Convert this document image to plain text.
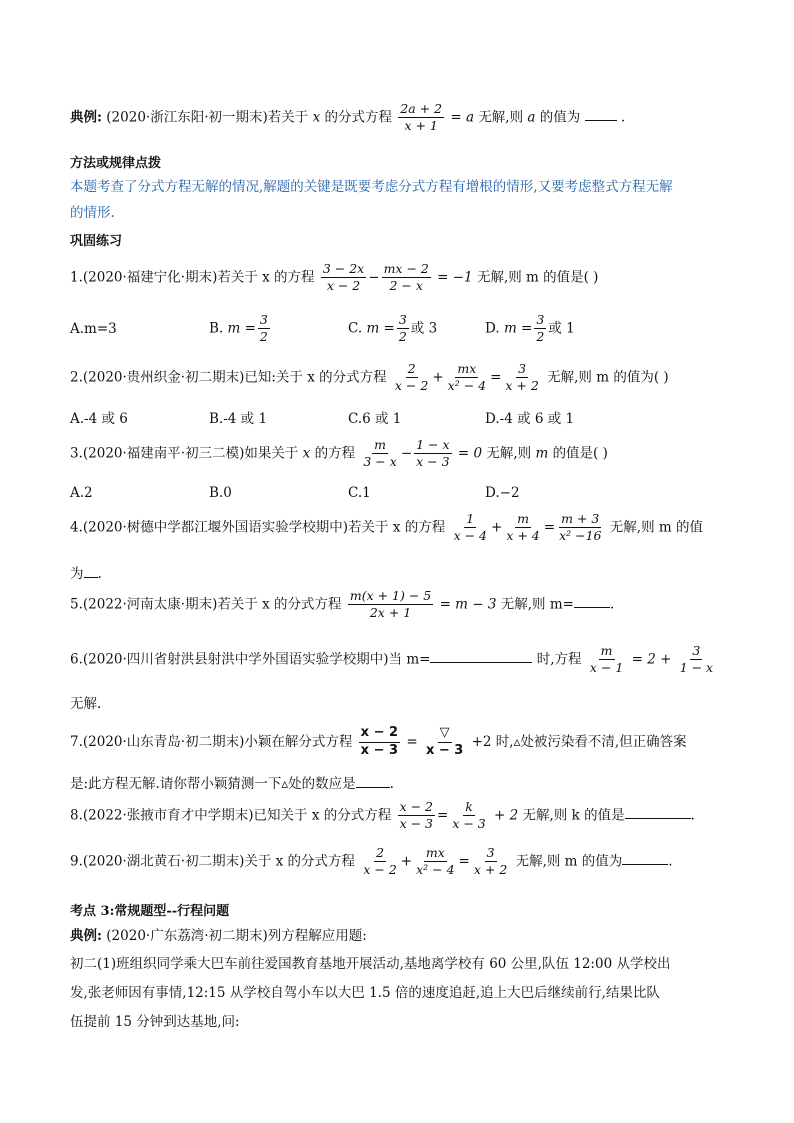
典例: (2020·浙江东阳·初一期末)若关于 x 的分式方程 $\frac{2a + 2}{x + 1} = a$ 无解,则 a 的值为	.
方法或规律点拨
本题考查了分式方程无解的情况,解题的关键是既要考虑分式方程有增根的情形,又要考虑整式方程无解
的情形.
巩固练习
1.(2020·福建宁化·期末)若关于 x 的方程 $\frac{3 - 2x}{x - 2} - \frac{mx - 2}{2 - x} = -1$ 无解,则 m 的值是( )
A.m=3	B. $m = \frac{3}{2}$	C. $m = \frac{3}{2}$ 或 3	D. $m = \frac{3}{2}$ 或 1
2.(2020·贵州织金·初二期末)已知:关于 x 的分式方程 $\frac{2}{x - 2} + \frac{mx}{\text{x² − 4}} = \frac{3}{x + 2}$ 无解,则 m 的值为( )
A.-4 或 6	B.-4 或 1	C.6 或 1	D.-4 或 6 或 1
3.(2020·福建南平·初三二模)如果关于 x 的方程 $\frac{m}{3 - x} - \frac{1 - x}{x - 3} = 0$ 无解,则 m 的值是( )
A.2	B.0	C.1	D.−2
4.(2020·树德中学都江堰外国语实验学校期中)若关于 x 的方程 $\frac{1}{x - 4} + \frac{m}{x + 4} = \frac{m + 3}{\text{x² −16}}$ 无解,则 m 的值
为 .
5.(2022·河南太康·期末)若关于 x 的分式方程 $\frac{m(x + 1) - 5}{2x + 1} = m - 3$ 无解,则 m=	.
6.(2020·四川省射洪县射洪中学外国语实验学校期中)当 m=	时,方程 $\frac{m}{x - 1} = 2 + \frac{3}{1 - x}$
无解.
7.(2020·山东青岛·初二期末)小颖在解分式方程 $\frac{x - 2}{x - 3} = \frac{▽}{x - 3} +2$ 时,▵处被污染看不清,但正确答案
是:此方程无解.请你帮小颖猜测一下▵处的数应是	.
8.(2022·张掖市育才中学期末)已知关于 x 的分式方程 $\frac{x - 2}{x - 3} = \frac{k}{x - 3} + 2$ 无解,则 k 的值是	.
9.(2020·湖北黄石·初二期末)关于 x 的分式方程 $\frac{2}{x - 2} + \frac{mx}{\text{x² − 4}} = \frac{3}{x + 2}$ 无解,则 m 的值为	.
考点 3:常规题型--行程问题
典例: (2020·广东荔湾·初二期末)列方程解应用题:
初二(1)班组织同学乘大巴车前往爱国教育基地开展活动,基地离学校有 60 公里,队伍 12:00 从学校出
发,张老师因有事情,12:15 从学校自驾小车以大巴 1.5 倍的速度追赶,追上大巴后继续前行,结果比队
伍提前 15 分钟到达基地,问:
